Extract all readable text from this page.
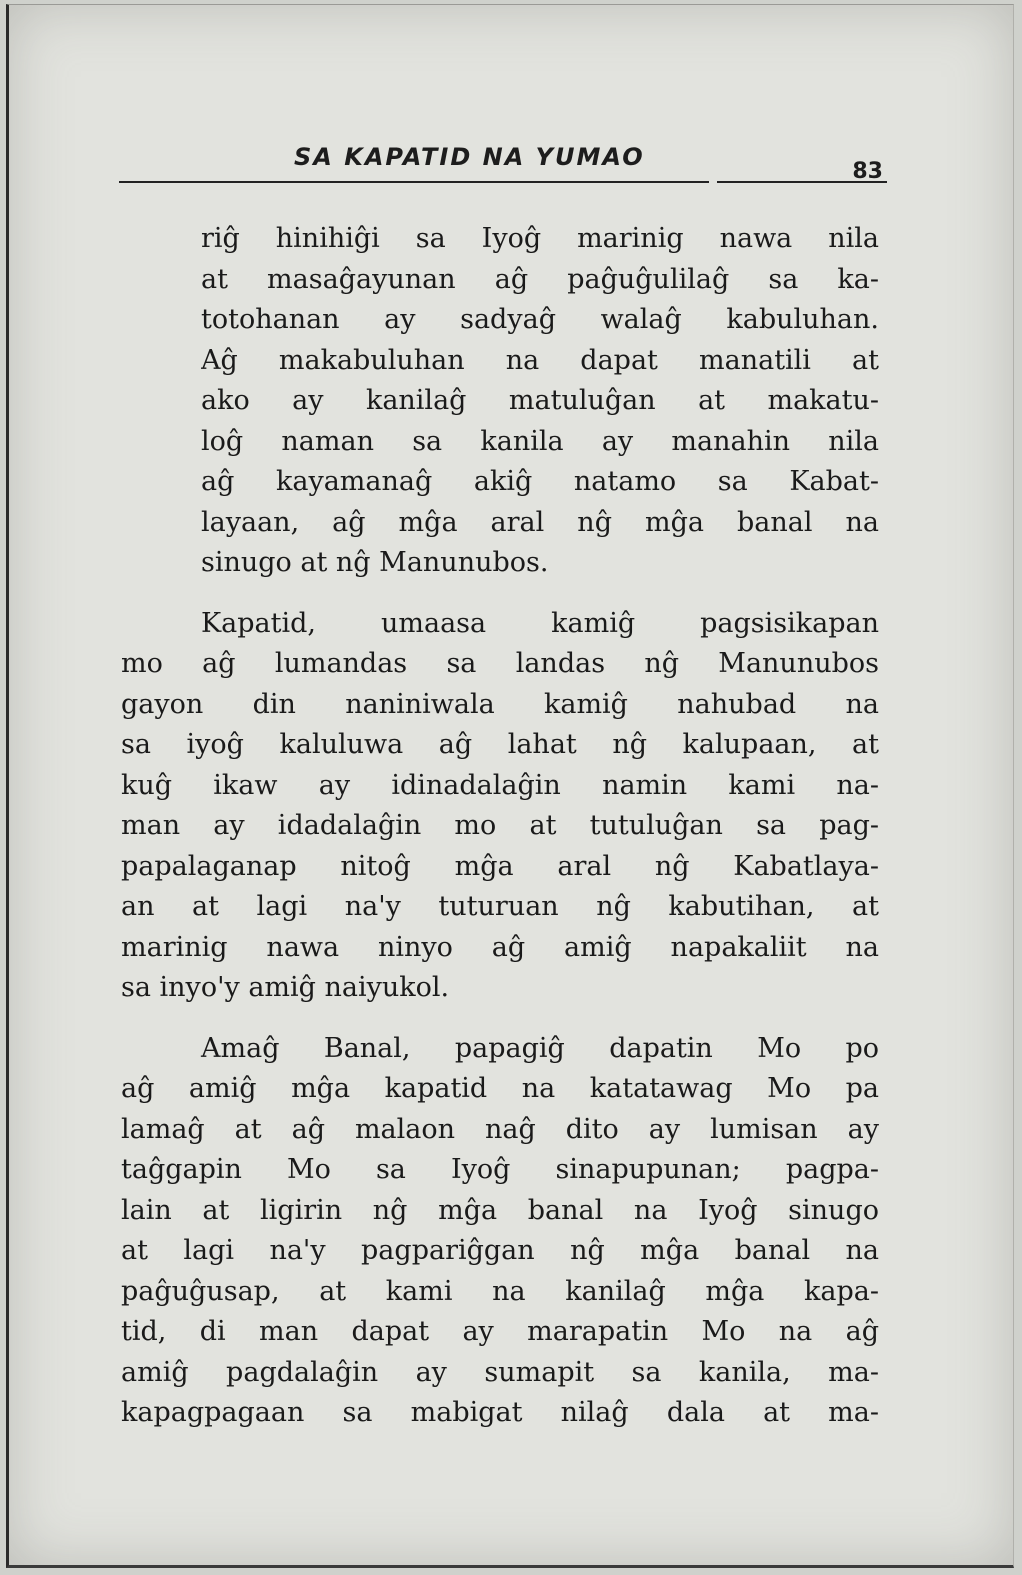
SA KAPATID NA YUMAO
83

riĝ hinihiĝi sa Iyoĝ marinig nawa nila
at masaĝayunan aĝ paĝuĝulilaĝ sa ka-
totohanan ay sadyaĝ walaĝ kabuluhan.
Aĝ makabuluhan na dapat manatili at
ako ay kanilaĝ matuluĝan at makatu-
loĝ naman sa kanila ay manahin nila
aĝ kayamanaĝ akiĝ natamo sa Kabat-
layaan, aĝ mĝa aral nĝ mĝa banal na
sinugo at nĝ Manunubos.

Kapatid, umaasa kamiĝ pagsisikapan
mo aĝ lumandas sa landas nĝ Manunubos
gayon din naniniwala kamiĝ nahubad na
sa iyoĝ kaluluwa aĝ lahat nĝ kalupaan, at
kuĝ ikaw ay idinadalaĝin namin kami na-
man ay idadalaĝin mo at tutuluĝan sa pag-
papalaganap nitoĝ mĝa aral nĝ Kabatlaya-
an at lagi na'y tuturuan nĝ kabutihan, at
marinig nawa ninyo aĝ amiĝ napakaliit na
sa inyo'y amiĝ naiyukol.

Amaĝ Banal, papagiĝ dapatin Mo po
aĝ amiĝ mĝa kapatid na katatawag Mo pa
lamaĝ at aĝ malaon naĝ dito ay lumisan ay
taĝgapin Mo sa Iyoĝ sinapupunan; pagpa-
lain at ligirin nĝ mĝa banal na Iyoĝ sinugo
at lagi na'y pagpariĝgan nĝ mĝa banal na
paĝuĝusap, at kami na kanilaĝ mĝa kapa-
tid, di man dapat ay marapatin Mo na aĝ
amiĝ pagdalaĝin ay sumapit sa kanila, ma-
kapagpagaan sa mabigat nilaĝ dala at ma-
